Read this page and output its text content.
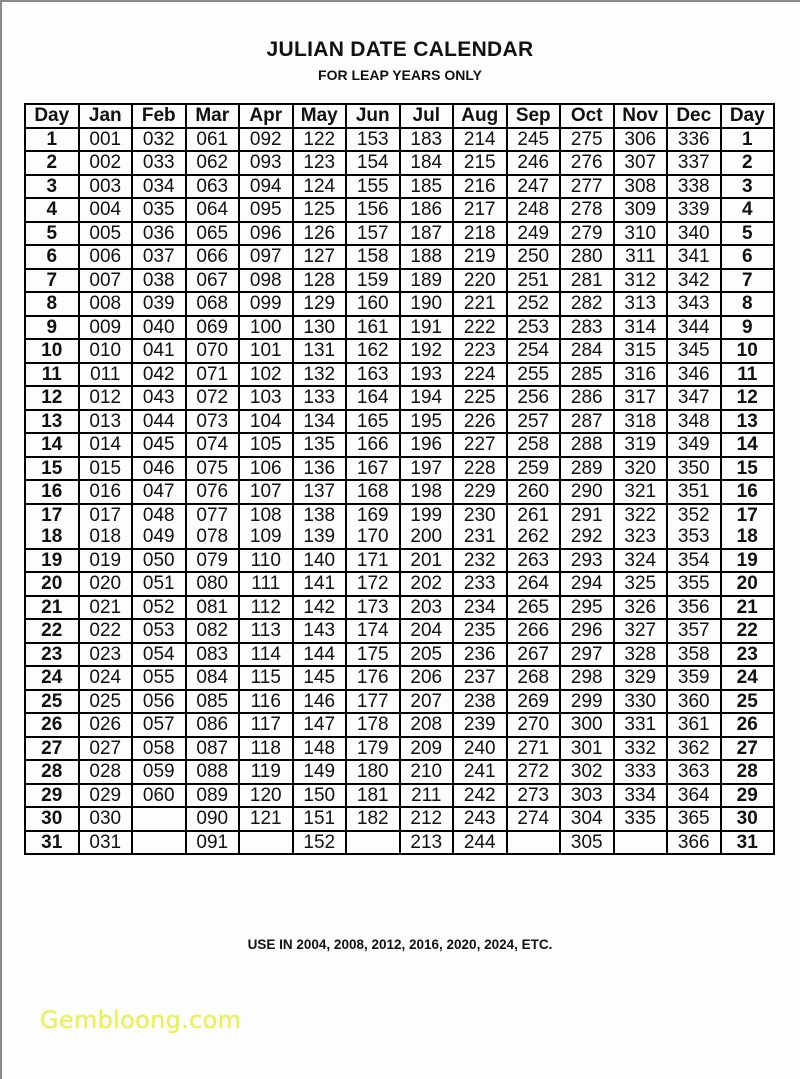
JULIAN DATE CALENDAR
FOR LEAP YEARS ONLY
Day	Jan	Feb	Mar	Apr	May	Jun	Jul	Aug	Sep	Oct	Nov	Dec	Day
1	001	032	061	092	122	153	183	214	245	275	306	336	1
2	002	033	062	093	123	154	184	215	246	276	307	337	2
3	003	034	063	094	124	155	185	216	247	277	308	338	3
4	004	035	064	095	125	156	186	217	248	278	309	339	4
5	005	036	065	096	126	157	187	218	249	279	310	340	5
6	006	037	066	097	127	158	188	219	250	280	311	341	6
7	007	038	067	098	128	159	189	220	251	281	312	342	7
8	008	039	068	099	129	160	190	221	252	282	313	343	8
9	009	040	069	100	130	161	191	222	253	283	314	344	9
10	010	041	070	101	131	162	192	223	254	284	315	345	10
11	011	042	071	102	132	163	193	224	255	285	316	346	11
12	012	043	072	103	133	164	194	225	256	286	317	347	12
13	013	044	073	104	134	165	195	226	257	287	318	348	13
14	014	045	074	105	135	166	196	227	258	288	319	349	14
15	015	046	075	106	136	167	197	228	259	289	320	350	15
16	016	047	076	107	137	168	198	229	260	290	321	351	16
17	017	048	077	108	138	169	199	230	261	291	322	352	17
18	018	049	078	109	139	170	200	231	262	292	323	353	18
19	019	050	079	110	140	171	201	232	263	293	324	354	19
20	020	051	080	111	141	172	202	233	264	294	325	355	20
21	021	052	081	112	142	173	203	234	265	295	326	356	21
22	022	053	082	113	143	174	204	235	266	296	327	357	22
23	023	054	083	114	144	175	205	236	267	297	328	358	23
24	024	055	084	115	145	176	206	237	268	298	329	359	24
25	025	056	085	116	146	177	207	238	269	299	330	360	25
26	026	057	086	117	147	178	208	239	270	300	331	361	26
27	027	058	087	118	148	179	209	240	271	301	332	362	27
28	028	059	088	119	149	180	210	241	272	302	333	363	28
29	029	060	089	120	150	181	211	242	273	303	334	364	29
30	030		090	121	151	182	212	243	274	304	335	365	30
31	031		091		152		213	244		305		366	31
USE IN 2004, 2008, 2012, 2016, 2020, 2024, ETC.
Gembloong.com
